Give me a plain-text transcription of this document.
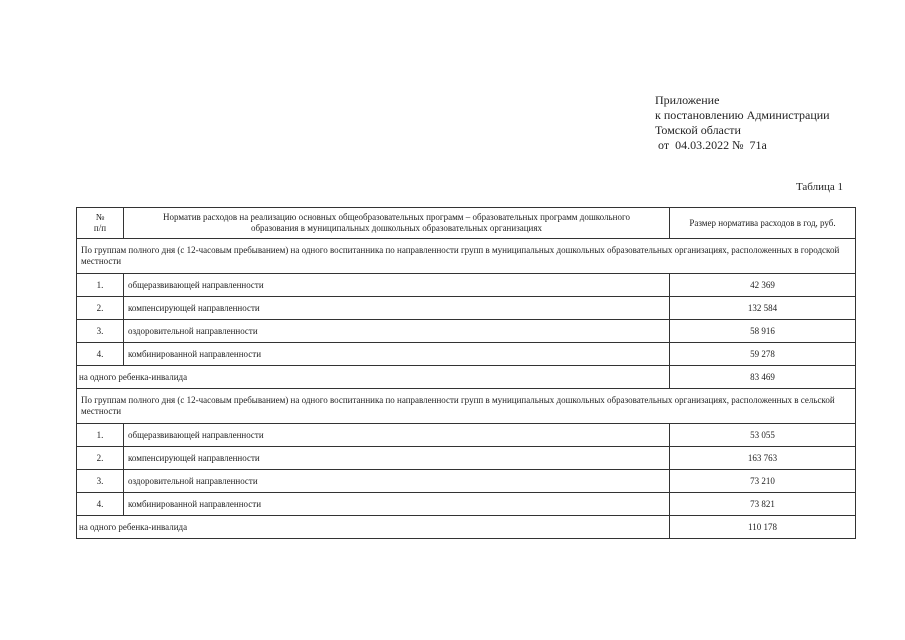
Приложение
к постановлению Администрации
Томской области
от  04.03.2022 №  71а
Таблица 1
№
п/п	Норматив расходов на реализацию основных общеобразовательных программ – образовательных программ дошкольного образования в муниципальных дошкольных образовательных организациях	Размер норматива расходов в год, руб.
По группам полного дня (с 12-часовым пребыванием) на одного воспитанника по направленности групп в муниципальных дошкольных образовательных организациях, расположенных в городской местности		
1.	общеразвивающей направленности	42 369
2.	компенсирующей направленности	132 584
3.	оздоровительной направленности	58 916
4.	комбинированной направленности	59 278
на одного ребенка-инвалида		83 469
По группам полного дня (с 12-часовым пребыванием) на одного воспитанника по направленности групп в муниципальных дошкольных образовательных организациях, расположенных в сельской местности		
1.	общеразвивающей направленности	53 055
2.	компенсирующей направленности	163 763
3.	оздоровительной направленности	73 210
4.	комбинированной направленности	73 821
на одного ребенка-инвалида		110 178
